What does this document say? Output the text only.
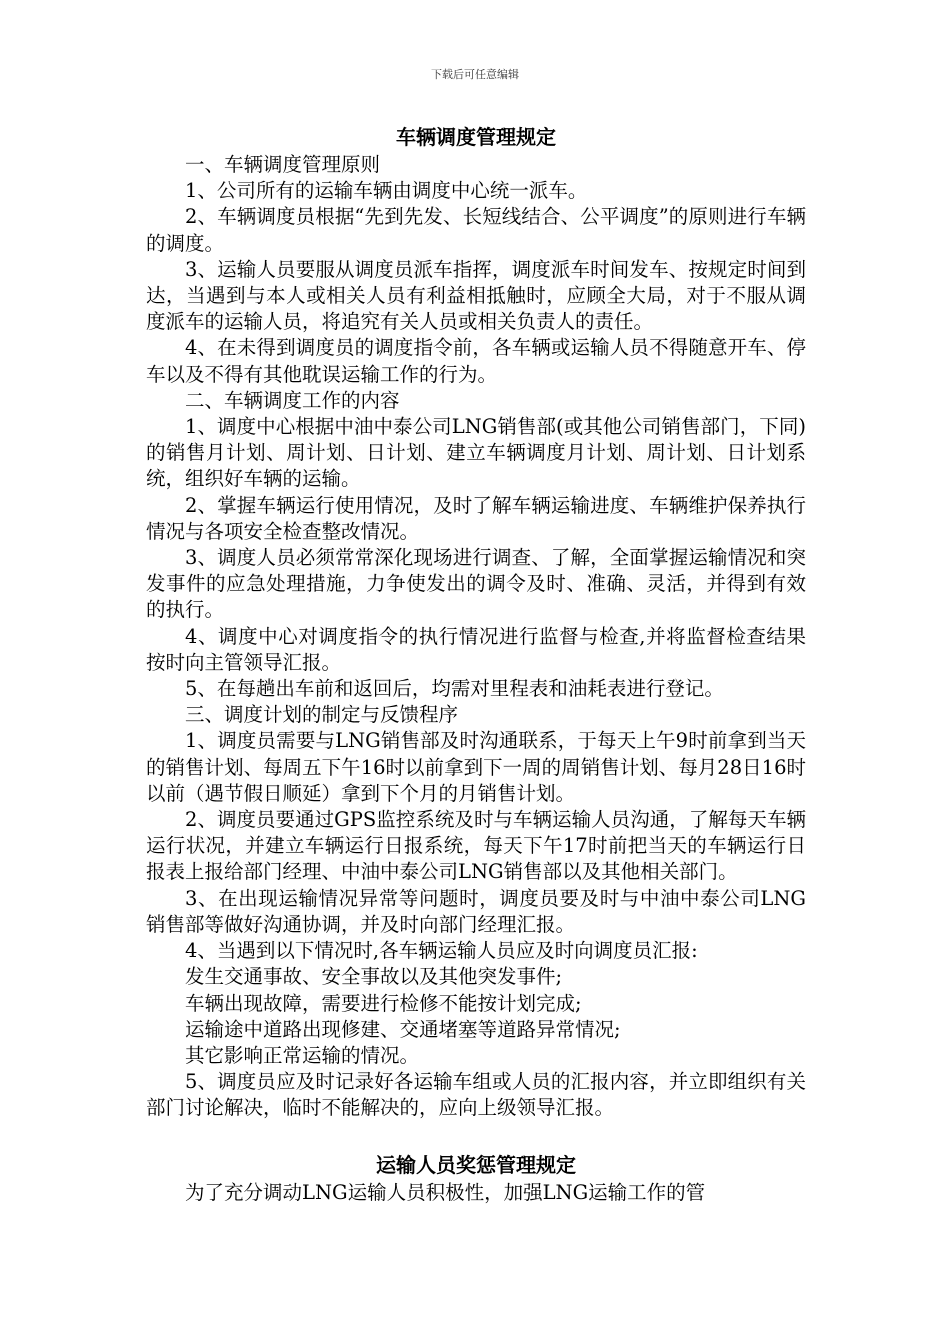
下载后可任意编辑
车辆调度管理规定

一、车辆调度管理原则

1、公司所有的运输车辆由调度中心统一派车。

2、车辆调度员根据“先到先发、长短线结合、公平调度”的原则进行车辆的调度。

3、运输人员要服从调度员派车指挥，调度派车时间发车、按规定时间到达，当遇到与本人或相关人员有利益相抵触时，应顾全大局，对于不服从调度派车的运输人员，将追究有关人员或相关负责人的责任。

4、在未得到调度员的调度指令前，各车辆或运输人员不得随意开车、停车以及不得有其他耽误运输工作的行为。

二、车辆调度工作的内容

1、调度中心根据中油中泰公司LNG销售部(或其他公司销售部门，下同)的销售月计划、周计划、日计划、建立车辆调度月计划、周计划、日计划系统，组织好车辆的运输。

2、掌握车辆运行使用情况，及时了解车辆运输进度、车辆维护保养执行情况与各项安全检查整改情况。

3、调度人员必须常常深化现场进行调查、了解，全面掌握运输情况和突发事件的应急处理措施，力争使发出的调令及时、准确、灵活，并得到有效的执行。

4、调度中心对调度指令的执行情况进行监督与检查,并将监督检查结果按时向主管领导汇报。

5、在每趟出车前和返回后，均需对里程表和油耗表进行登记。

三、调度计划的制定与反馈程序

1、调度员需要与LNG销售部及时沟通联系，于每天上午9时前拿到当天的销售计划、每周五下午16时以前拿到下一周的周销售计划、每月28日16时以前（遇节假日顺延）拿到下个月的月销售计划。

2、调度员要通过GPS监控系统及时与车辆运输人员沟通，了解每天车辆运行状况，并建立车辆运行日报系统，每天下午17时前把当天的车辆运行日报表上报给部门经理、中油中泰公司LNG销售部以及其他相关部门。

3、在出现运输情况异常等问题时，调度员要及时与中油中泰公司LNG销售部等做好沟通协调，并及时向部门经理汇报。

4、当遇到以下情况时,各车辆运输人员应及时向调度员汇报:

发生交通事故、安全事故以及其他突发事件;

车辆出现故障，需要进行检修不能按计划完成;

运输途中道路出现修建、交通堵塞等道路异常情况;

其它影响正常运输的情况。

5、调度员应及时记录好各运输车组或人员的汇报内容，并立即组织有关部门讨论解决，临时不能解决的，应向上级领导汇报。

运输人员奖惩管理规定

为了充分调动LNG运输人员积极性，加强LNG运输工作的管
